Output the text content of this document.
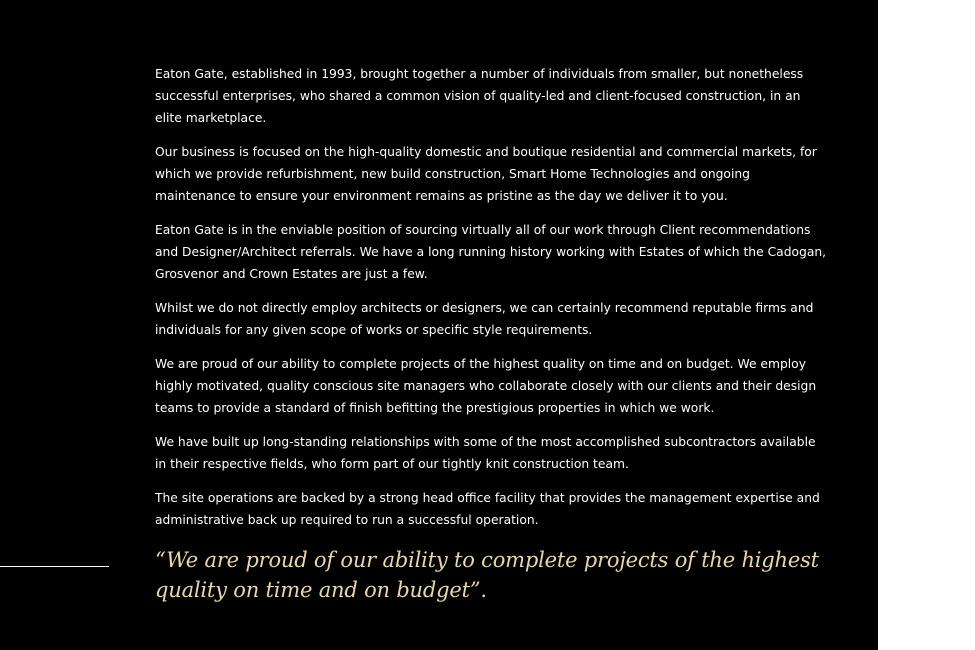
Eaton Gate, established in 1993, brought together a number of individuals from smaller, but nonetheless successful enterprises, who shared a common vision of quality-led and client-focused construction, in an elite marketplace.

Our business is focused on the high-quality domestic and boutique residential and commercial markets, for which we provide refurbishment, new build construction, Smart Home Technologies and ongoing maintenance to ensure your environment remains as pristine as the day we deliver it to you.

Eaton Gate is in the enviable position of sourcing virtually all of our work through Client recommendations and Designer/Architect referrals. We have a long running history working with Estates of which the Cadogan, Grosvenor and Crown Estates are just a few.

Whilst we do not directly employ architects or designers, we can certainly recommend reputable firms and individuals for any given scope of works or specific style requirements.

We are proud of our ability to complete projects of the highest quality on time and on budget. We employ highly motivated, quality conscious site managers who collaborate closely with our clients and their design teams to provide a standard of finish befitting the prestigious properties in which we work.

We have built up long-standing relationships with some of the most accomplished subcontractors available in their respective fields, who form part of our tightly knit construction team.

The site operations are backed by a strong head office facility that provides the management expertise and administrative back up required to run a successful operation.

“We are proud of our ability to complete projects of the highest quality on time and on budget”.
